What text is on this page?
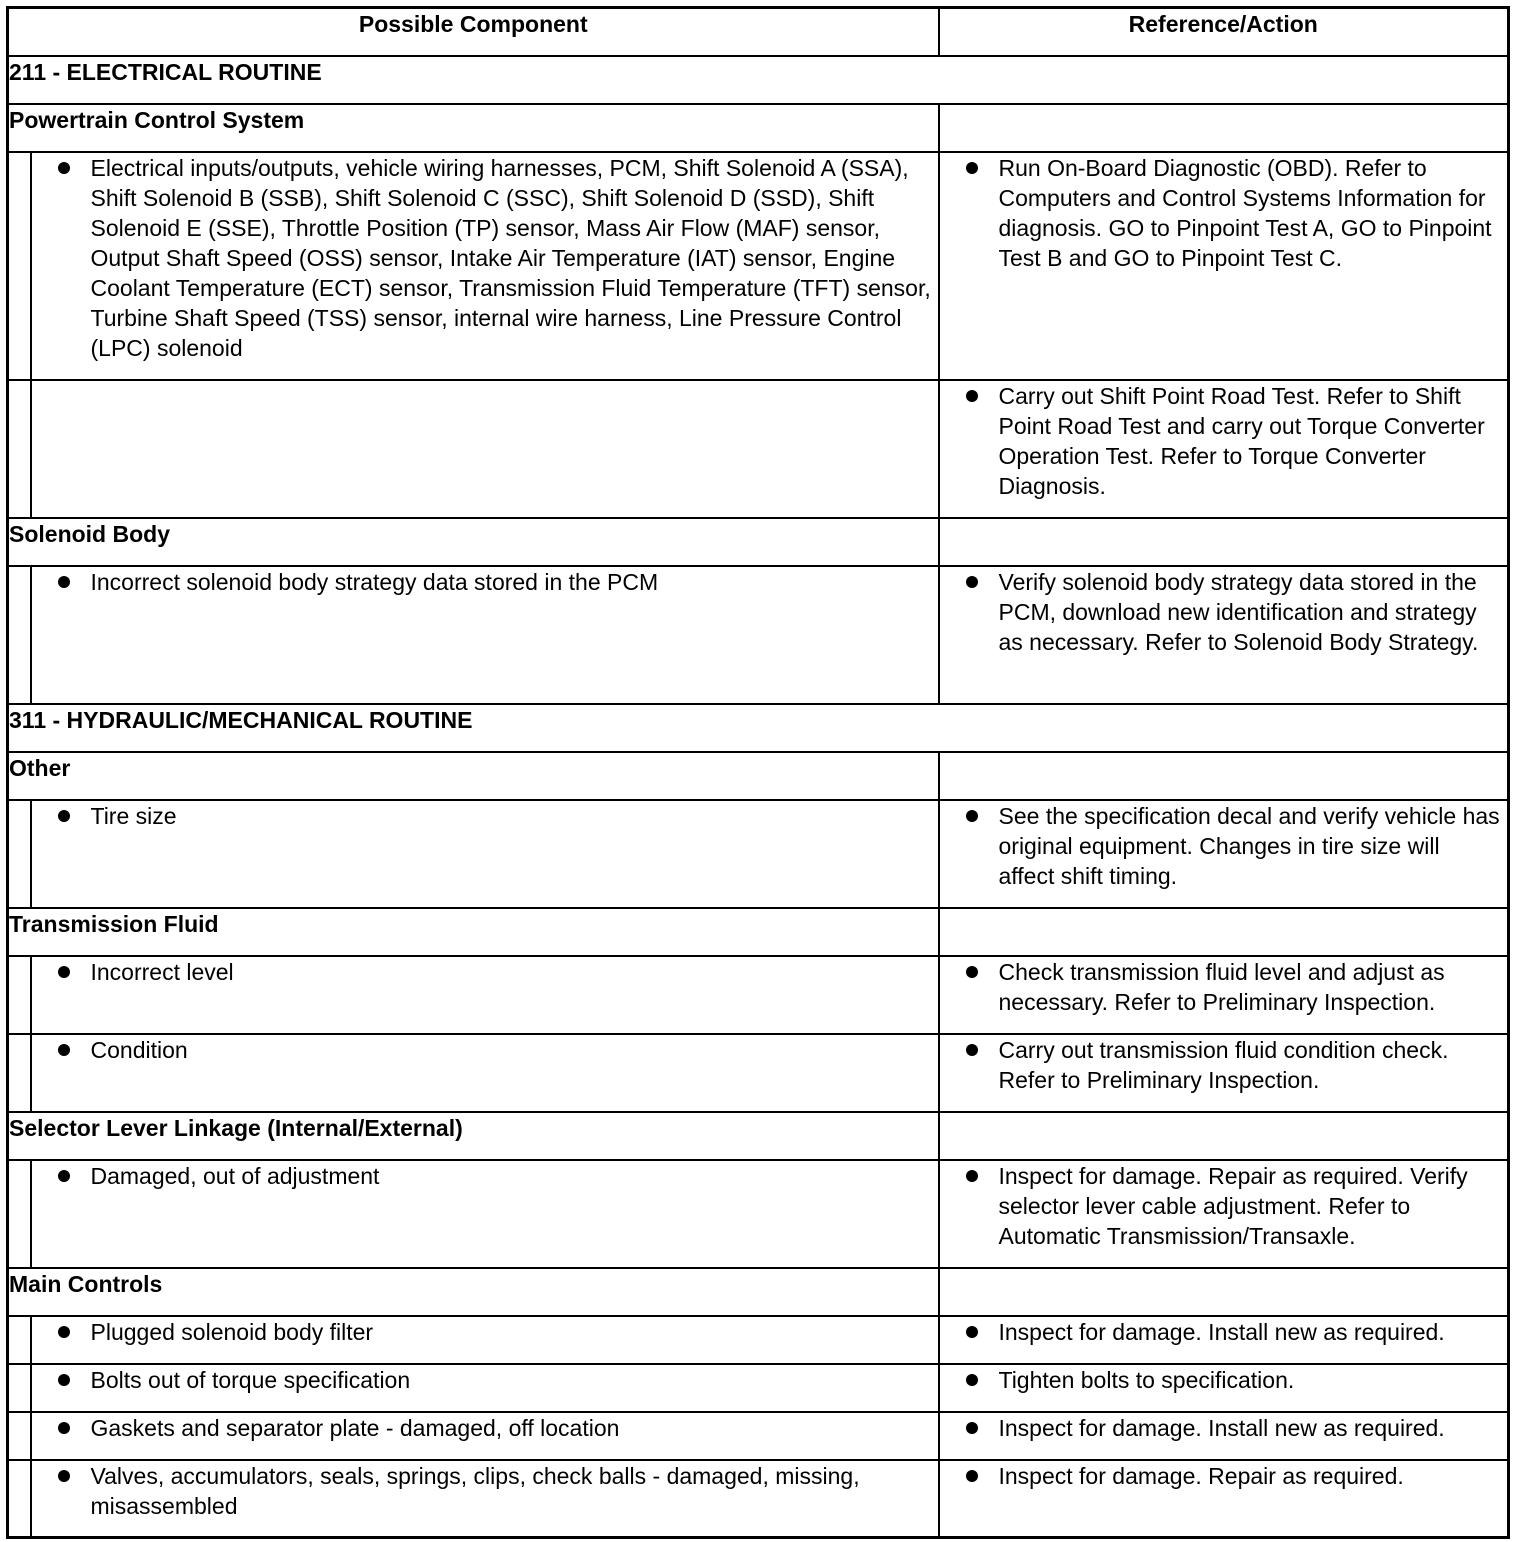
Possible Component		Reference/Action
211 - ELECTRICAL ROUTINE		
Powertrain Control System		

	Electrical inputs/outputs, vehicle wiring harnesses, PCM, Shift Solenoid A (SSA), Shift Solenoid B (SSB), Shift Solenoid C (SSC), Shift Solenoid D (SSD), Shift Solenoid E (SSE), Throttle Position (TP) sensor, Mass Air Flow (MAF) sensor, Output Shaft Speed (OSS) sensor, Intake Air Temperature (IAT) sensor, Engine Coolant Temperature (ECT) sensor, Transmission Fluid Temperature (TFT) sensor, Turbine Shaft Speed (TSS) sensor, internal wire harness, Line Pressure Control (LPC) solenoid	Run On-Board Diagnostic (OBD). Refer to Computers and Control Systems Information for diagnosis. GO to Pinpoint Test A, GO to Pinpoint Test B and GO to Pinpoint Test C.

		Carry out Shift Point Road Test. Refer to Shift Point Road Test and carry out Torque Converter Operation Test. Refer to Torque Converter Diagnosis.

Solenoid Body		

	Incorrect solenoid body strategy data stored in the PCM	Verify solenoid body strategy data stored in the PCM, download new identification and strategy as necessary. Refer to Solenoid Body Strategy.

311 - HYDRAULIC/MECHANICAL ROUTINE		
Other		

	Tire size	See the specification decal and verify vehicle has original equipment. Changes in tire size will affect shift timing.

Transmission Fluid		

	Incorrect level	Check transmission fluid level and adjust as necessary. Refer to Preliminary Inspection.

	Condition	Carry out transmission fluid condition check. Refer to Preliminary Inspection.

Selector Lever Linkage (Internal/External)		

	Damaged, out of adjustment	Inspect for damage. Repair as required. Verify selector lever cable adjustment. Refer to Automatic Transmission/Transaxle.

Main Controls		

	Plugged solenoid body filter	Inspect for damage. Install new as required.

	Bolts out of torque specification	Tighten bolts to specification.

	Gaskets and separator plate - damaged, off location	Inspect for damage. Install new as required.

	Valves, accumulators, seals, springs, clips, check balls - damaged, missing, misassembled	Inspect for damage. Repair as required.
